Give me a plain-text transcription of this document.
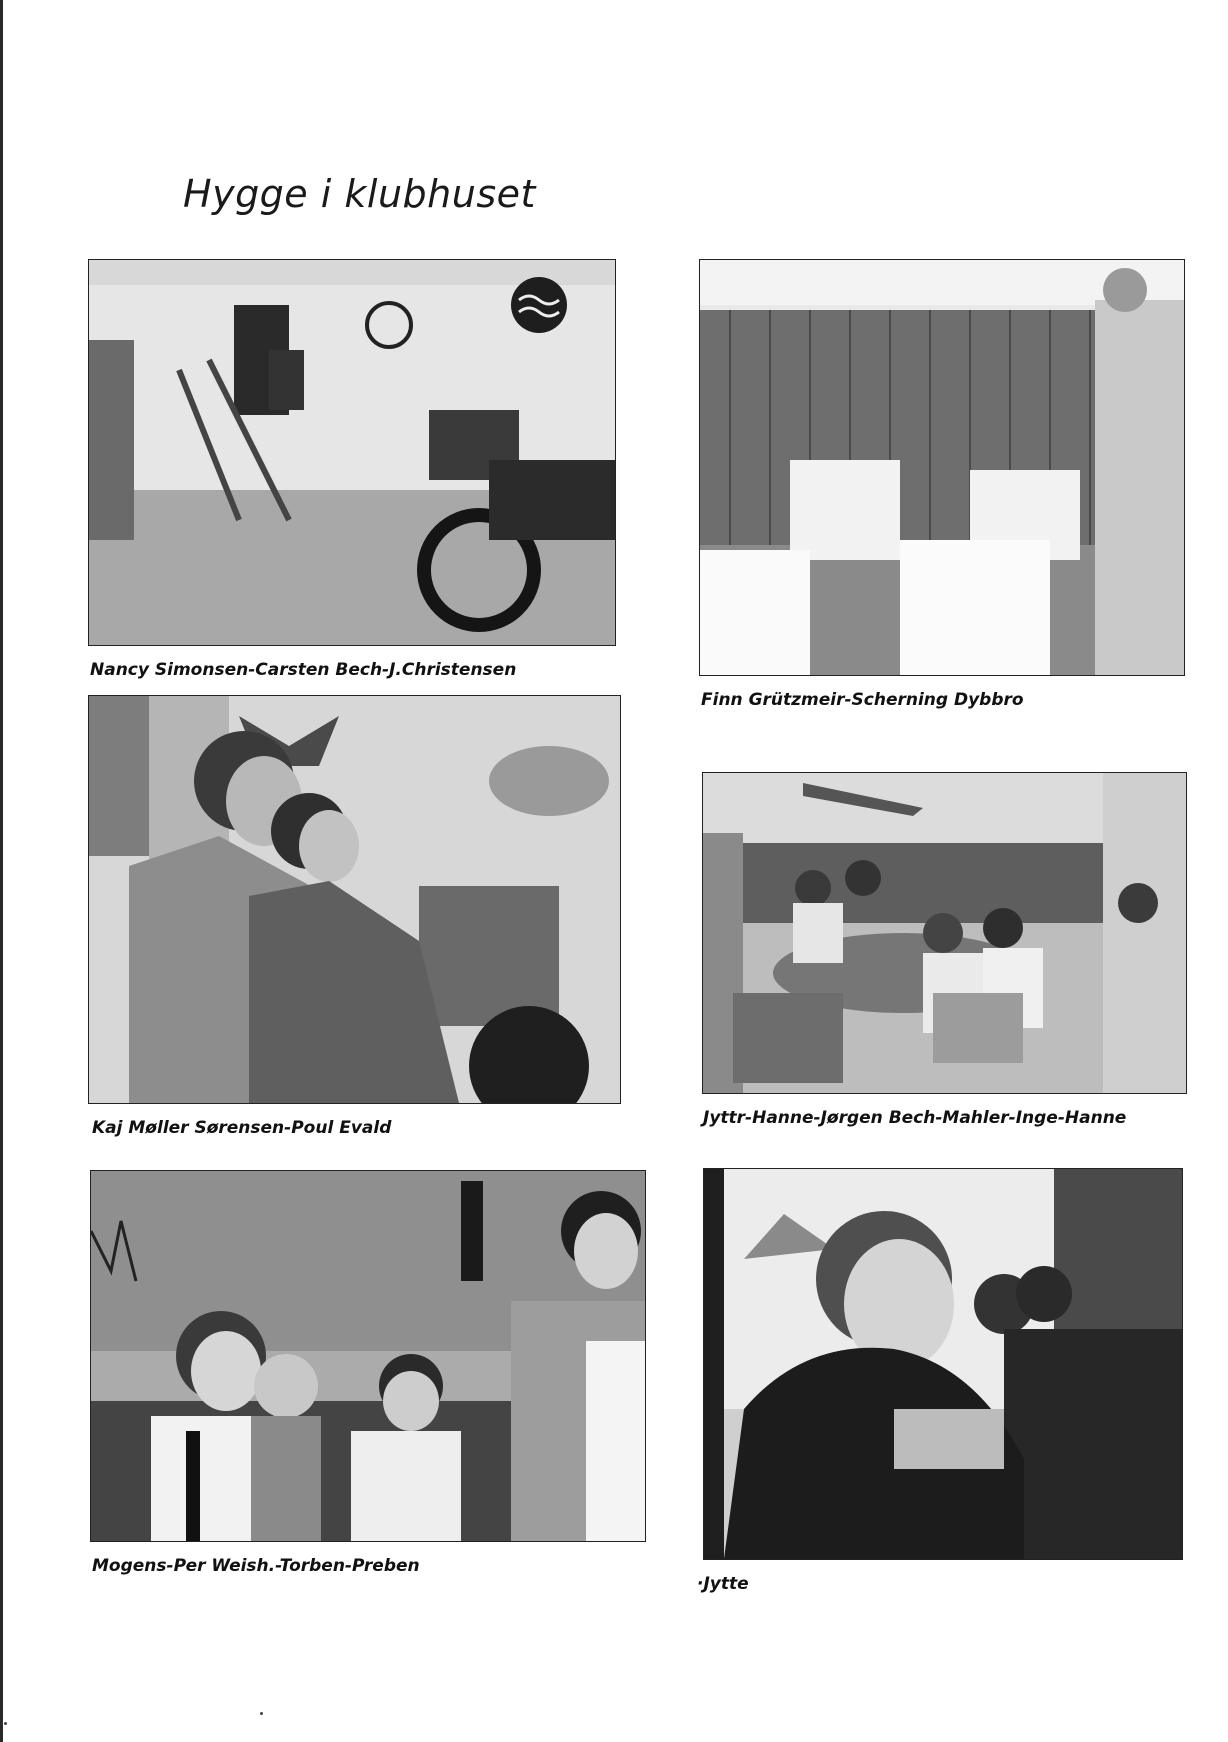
Hygge i klubhuset
Nancy Simonsen-Carsten Bech-J.Christensen
Finn Grützmeir-Scherning Dybbro
Kaj Møller Sørensen-Poul Evald	Jyttr-Hanne-Jørgen Bech-Mahler-Inge-Hanne
Mogens-Per Weish.-Torben-Preben
·Jytte
